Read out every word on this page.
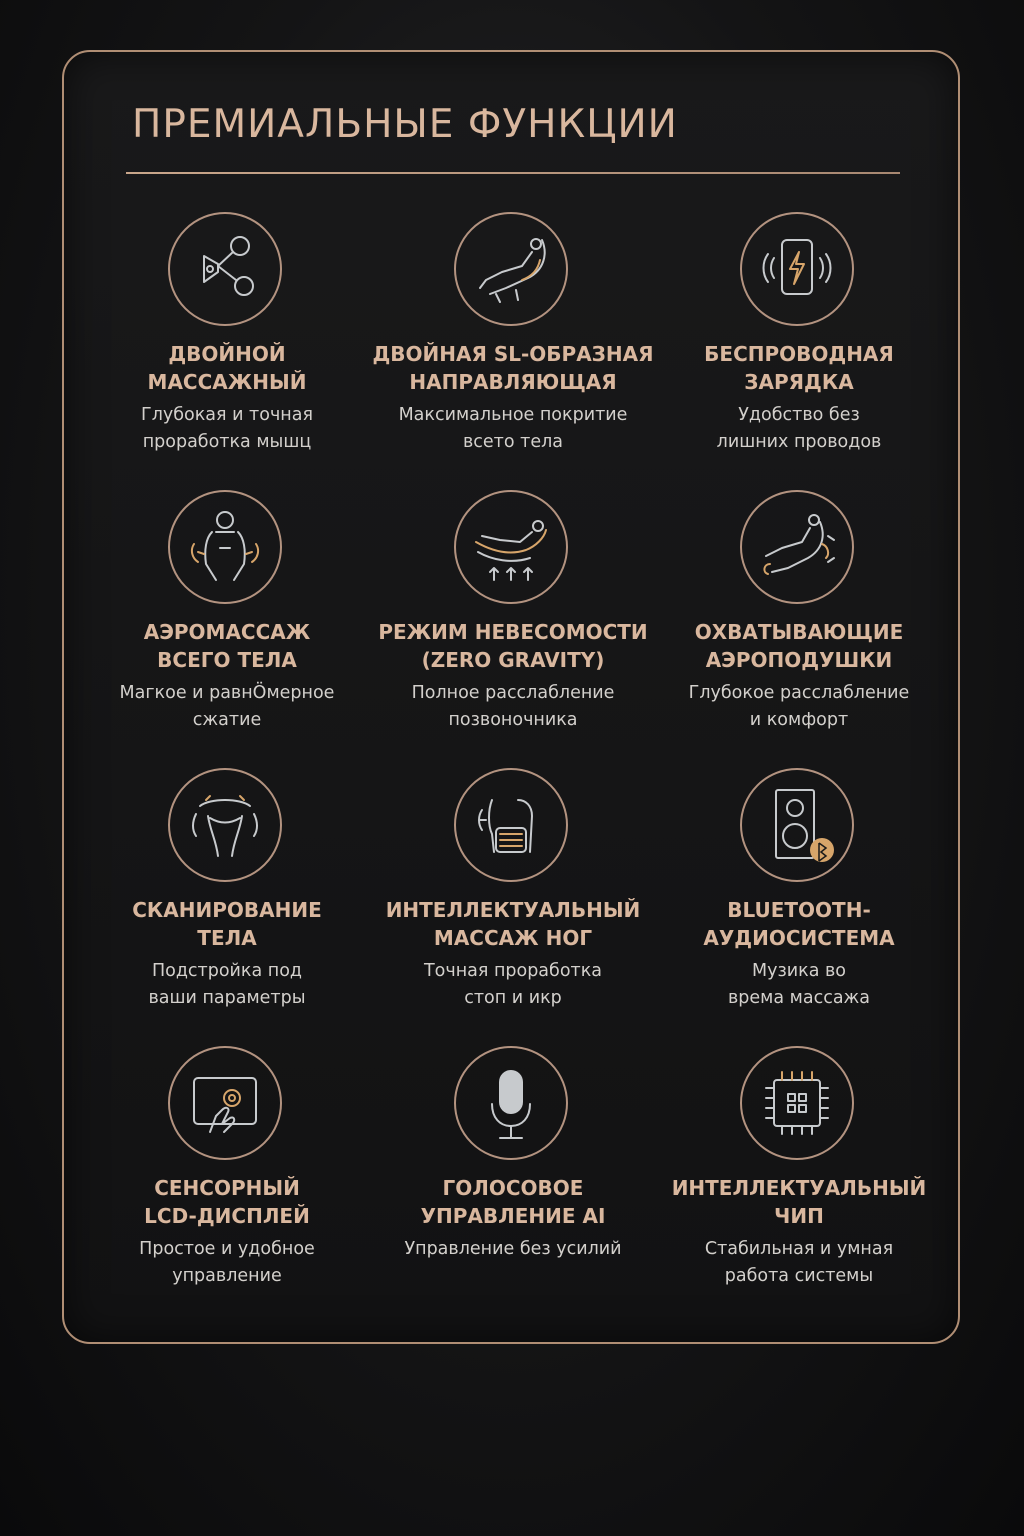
ПРЕМИАЛЬНЫЕ ФУНКЦИИ
ДВОЙНОЙ
МАССАЖНЫЙ
Глубокая и точная
проработка мышц
ДВОЙНАЯ SL-ОБРАЗНАЯ
НАПРАВЛЯЮЩАЯ
Максимальное покритие
всето тела
БЕСПРОВОДНАЯ
ЗАРЯДКА
Удобство без
лишних проводов
АЭРОМАССАЖ
ВСЕГО ТЕЛА
Магкое и равнÖмерное
сжатие
РЕЖИМ НЕВЕСОМОСТИ
(ZERO GRAVITY)
Полное расслабление
позвоночника
ОХВАТЫВАЮЩИЕ
АЭРОПОДУШКИ
Глубокое расслабление
и комфорт
СКАНИРОВАНИЕ
ТЕЛА
Подстройка под
ваши параметры
ИНТЕЛЛЕКТУАЛЬНЫЙ
МАССАЖ НОГ
Точная проработка
стоп и икр
BLUETOOTH-
АУДИОСИСТЕМА
Музика во
врема массажа
СЕНСОРНЫЙ
LCD-ДИСПЛЕЙ
Простое и удобное
управление
ГОЛОСОВОЕ
УПРАВЛЕНИЕ AI
Управление без усилий
ИНТЕЛЛЕКТУАЛЬНЫЙ
ЧИП
Стабильная и умная
работа системы
